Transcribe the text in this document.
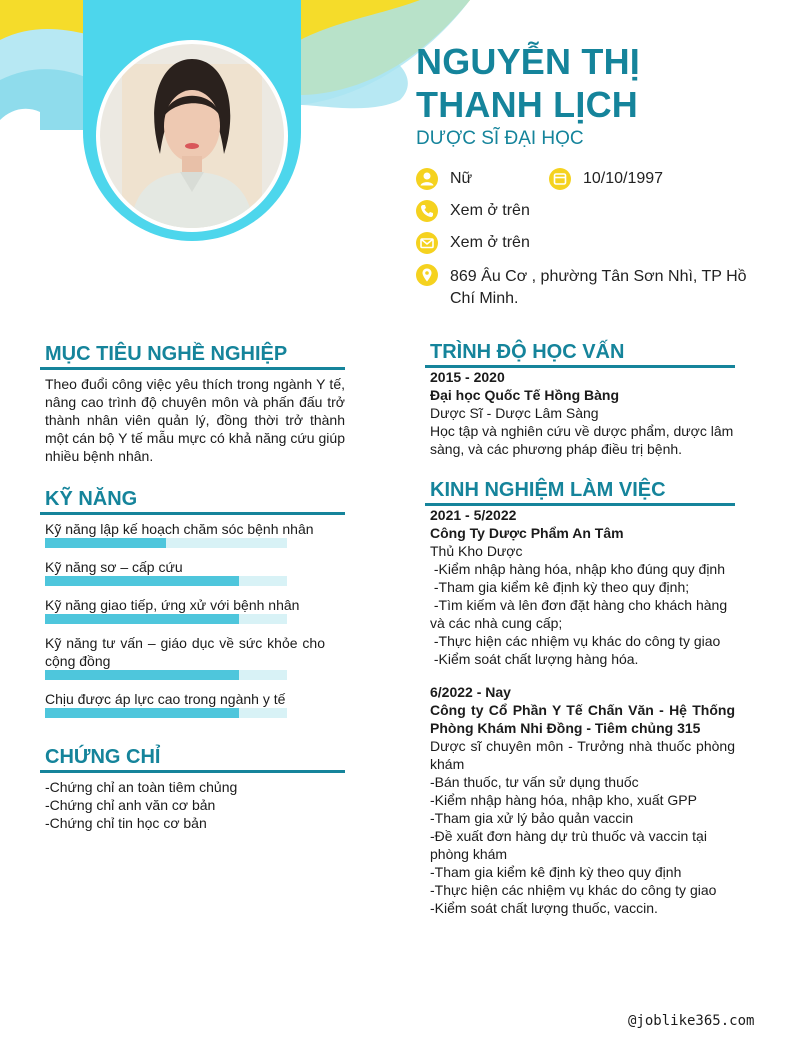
NGUYỄN THỊ THANH LỊCH
DƯỢC SĨ ĐẠI HỌC
Nữ	10/10/1997
Xem ở trên
Xem ở trên
869 Âu Cơ , phường Tân Sơn Nhì, TP Hồ Chí Minh.
MỤC TIÊU NGHỀ NGHIỆP
Theo đuổi công việc yêu thích trong ngành Y tế, nâng cao trình độ chuyên môn và phấn đấu trở thành nhân viên quản lý, đồng thời trở thành một cán bộ Y tế mẫu mực có khả năng cứu giúp nhiều bệnh nhân.
KỸ NĂNG
Kỹ năng lập kế hoạch chăm sóc bệnh nhân
Kỹ năng sơ – cấp cứu
Kỹ năng giao tiếp, ứng xử với bệnh nhân
Kỹ năng tư vấn – giáo dục về sức khỏe cho cộng đồng
Chịu được áp lực cao trong ngành y tế
CHỨNG CHỈ
-Chứng chỉ an toàn tiêm chủng
-Chứng chỉ anh văn cơ bản
-Chứng chỉ tin học cơ bản
TRÌNH ĐỘ HỌC VẤN
2015 - 2020
Đại học Quốc Tế Hồng Bàng
Dược Sĩ - Dược Lâm Sàng
Học tập và nghiên cứu về dược phẩm, dược lâm sàng, và các phương pháp điều trị bệnh.
KINH NGHIỆM LÀM VIỆC
2021 - 5/2022
Công Ty Dược Phẩm An Tâm
Thủ Kho Dược
-Kiểm nhập hàng hóa, nhập kho đúng quy định
-Tham gia kiểm kê định kỳ theo quy định;
-Tìm kiếm và lên đơn đặt hàng cho khách hàng và các nhà cung cấp;
-Thực hiện các nhiệm vụ khác do công ty giao
-Kiểm soát chất lượng hàng hóa.
6/2022 - Nay
Công ty Cổ Phần Y Tế Chấn Văn - Hệ Thống Phòng Khám Nhi Đồng - Tiêm chủng 315
Dược sĩ chuyên môn - Trưởng nhà thuốc phòng khám
-Bán thuốc, tư vấn sử dụng thuốc
-Kiểm nhập hàng hóa, nhập kho, xuất GPP
-Tham gia xử lý bảo quản vaccin
-Đề xuất đơn hàng dự trù thuốc và vaccin tại phòng khám
-Tham gia kiểm kê định kỳ theo quy định
-Thực hiện các nhiệm vụ khác do công ty giao
-Kiểm soát chất lượng thuốc, vaccin.
@joblike365.com
